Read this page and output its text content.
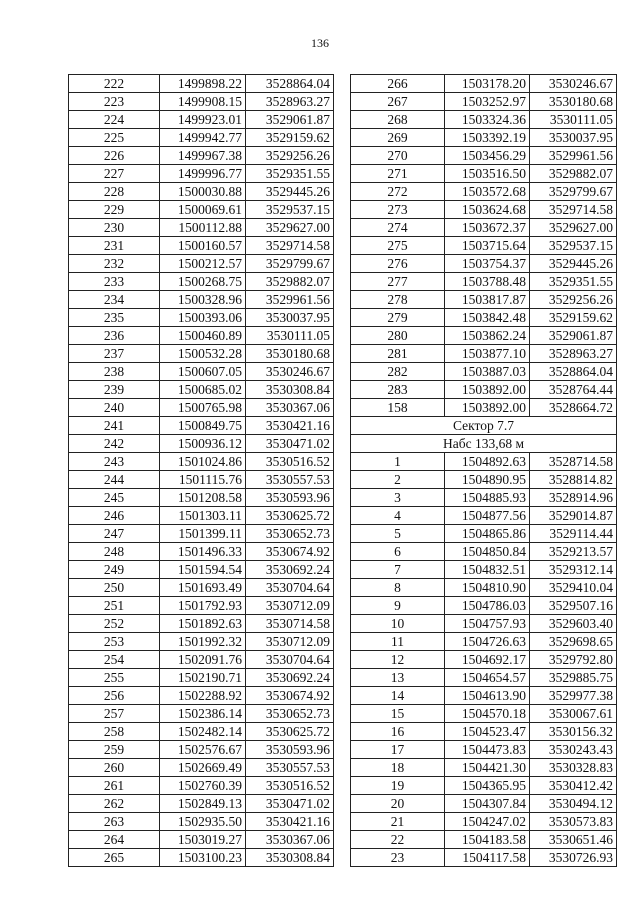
136
222	1499898.22	3528864.04
223	1499908.15	3528963.27
224	1499923.01	3529061.87
225	1499942.77	3529159.62
226	1499967.38	3529256.26
227	1499996.77	3529351.55
228	1500030.88	3529445.26
229	1500069.61	3529537.15
230	1500112.88	3529627.00
231	1500160.57	3529714.58
232	1500212.57	3529799.67
233	1500268.75	3529882.07
234	1500328.96	3529961.56
235	1500393.06	3530037.95
236	1500460.89	3530111.05
237	1500532.28	3530180.68
238	1500607.05	3530246.67
239	1500685.02	3530308.84
240	1500765.98	3530367.06
241	1500849.75	3530421.16
242	1500936.12	3530471.02
243	1501024.86	3530516.52
244	1501115.76	3530557.53
245	1501208.58	3530593.96
246	1501303.11	3530625.72
247	1501399.11	3530652.73
248	1501496.33	3530674.92
249	1501594.54	3530692.24
250	1501693.49	3530704.64
251	1501792.93	3530712.09
252	1501892.63	3530714.58
253	1501992.32	3530712.09
254	1502091.76	3530704.64
255	1502190.71	3530692.24
256	1502288.92	3530674.92
257	1502386.14	3530652.73
258	1502482.14	3530625.72
259	1502576.67	3530593.96
260	1502669.49	3530557.53
261	1502760.39	3530516.52
262	1502849.13	3530471.02
263	1502935.50	3530421.16
264	1503019.27	3530367.06
265	1503100.23	3530308.84
266	1503178.20	3530246.67
267	1503252.97	3530180.68
268	1503324.36	3530111.05
269	1503392.19	3530037.95
270	1503456.29	3529961.56
271	1503516.50	3529882.07
272	1503572.68	3529799.67
273	1503624.68	3529714.58
274	1503672.37	3529627.00
275	1503715.64	3529537.15
276	1503754.37	3529445.26
277	1503788.48	3529351.55
278	1503817.87	3529256.26
279	1503842.48	3529159.62
280	1503862.24	3529061.87
281	1503877.10	3528963.27
282	1503887.03	3528864.04
283	1503892.00	3528764.44
158	1503892.00	3528664.72
Сектор 7.7		
Набс 133,68 м		
1	1504892.63	3528714.58
2	1504890.95	3528814.82
3	1504885.93	3528914.96
4	1504877.56	3529014.87
5	1504865.86	3529114.44
6	1504850.84	3529213.57
7	1504832.51	3529312.14
8	1504810.90	3529410.04
9	1504786.03	3529507.16
10	1504757.93	3529603.40
11	1504726.63	3529698.65
12	1504692.17	3529792.80
13	1504654.57	3529885.75
14	1504613.90	3529977.38
15	1504570.18	3530067.61
16	1504523.47	3530156.32
17	1504473.83	3530243.43
18	1504421.30	3530328.83
19	1504365.95	3530412.42
20	1504307.84	3530494.12
21	1504247.02	3530573.83
22	1504183.58	3530651.46
23	1504117.58	3530726.93
